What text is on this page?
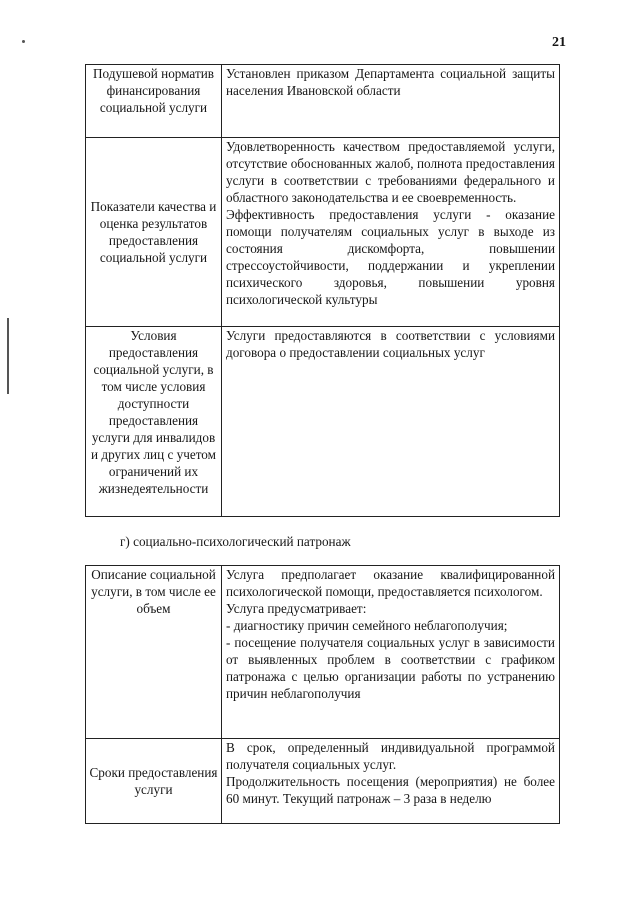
21
Подушевой норматив финансирования социальной услуги	Установлен приказом Департамента социальной защиты населения Ивановской области

Показатели качества и оценка результатов предоставления социальной услуги	Удовлетворенность качеством предоставляемой услуги, отсутствие обоснованных жалоб, полнота предоставления услуги в соответствии с требованиями федерального и областного законодательства и ее своевременность.

Эффективность предоставления услуги - оказание помощи получателям социальных услуг в выходе из состояния дискомфорта, повышении стрессоустойчивости, поддержании и укреплении психического здоровья, повышении уровня психологической культуры

Условия предоставления социальной услуги, в том числе условия доступности предоставления услуги для инвалидов и других лиц с учетом ограничений их жизнедеятельности	Услуги предоставляются в соответствии с условиями договора о предоставлении социальных услуг

г) социально-психологический патронаж
Описание социальной услуги, в том числе ее объем	Услуга предполагает оказание квалифицированной психологической помощи, предоставляется психологом.

Услуга предусматривает:

- диагностику причин семейного неблагополучия;

- посещение получателя социальных услуг в зависимости от выявленных проблем в соответствии с графиком патронажа с целью организации работы по устранению причин неблагополучия

Сроки предоставления услуги	В срок, определенный индивидуальной программой получателя социальных услуг.

Продолжительность посещения (мероприятия) не более 60 минут. Текущий патронаж – 3 раза в неделю
